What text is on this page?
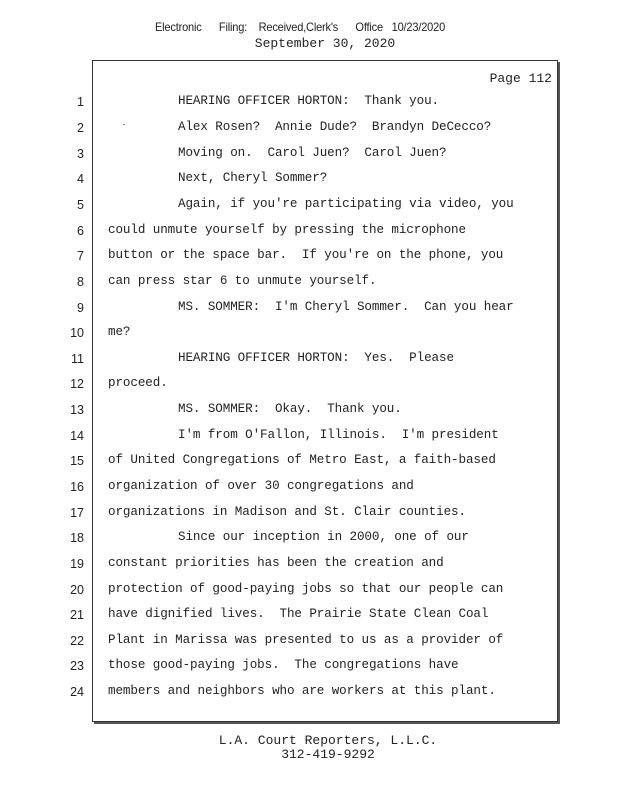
Electronic      Filing:    Received,Clerk's      Office   10/23/2020
September 30, 2020
Page 112
1	HEARING OFFICER HORTON:  Thank you.
2	Alex Rosen?  Annie Dude?  Brandyn DeCecco?
3	Moving on.  Carol Juen?  Carol Juen?
4	Next, Cheryl Sommer?
5	Again, if you're participating via video, you
6 could unmute yourself by pressing the microphone
7 button or the space bar.  If you're on the phone, you
8 can press star 6 to unmute yourself.
9	MS. SOMMER:  I'm Cheryl Sommer.  Can you hear
10 me?
11	HEARING OFFICER HORTON:  Yes.  Please
12 proceed.
13	MS. SOMMER:  Okay.  Thank you.
14	I'm from O'Fallon, Illinois.  I'm president
15 of United Congregations of Metro East, a faith-based
16 organization of over 30 congregations and
17 organizations in Madison and St. Clair counties.
18	Since our inception in 2000, one of our
19 constant priorities has been the creation and
20 protection of good-paying jobs so that our people can
21 have dignified lives.  The Prairie State Clean Coal
22 Plant in Marissa was presented to us as a provider of
23 those good-paying jobs.  The congregations have
24 members and neighbors who are workers at this plant.
L.A. Court Reporters, L.L.C.
312-419-9292
